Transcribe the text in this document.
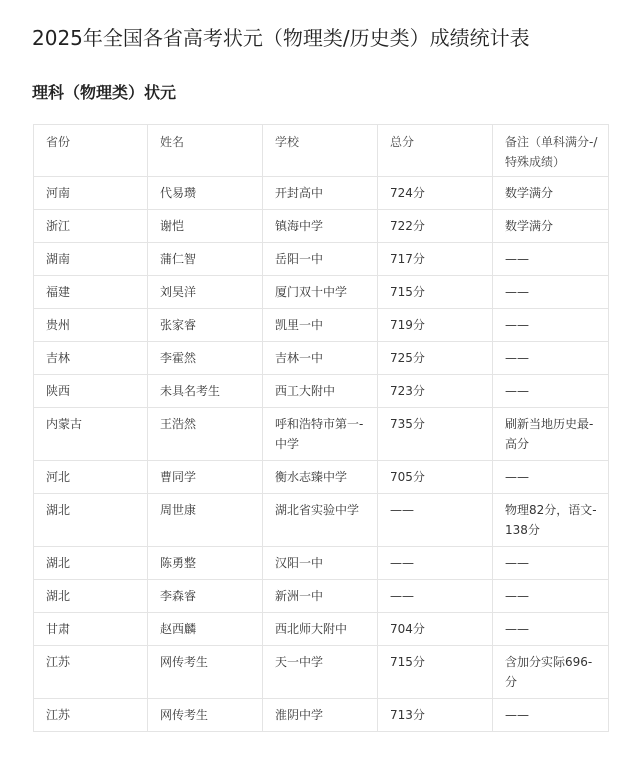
2025年全国各省高考状元（物理类/历史类）成绩统计表
理科（物理类）状元
省份	姓名	学校	总分	备注（单科满分-/特殊成绩）
河南	代易瓒	开封高中	724分	数学满分
浙江	谢恺	镇海中学	722分	数学满分
湖南	蒲仁智	岳阳一中	717分	——
福建	刘昊洋	厦门双十中学	715分	——
贵州	张家睿	凯里一中	719分	——
吉林	李霍然	吉林一中	725分	——
陕西	未具名考生	西工大附中	723分	——
内蒙古	王浩然	呼和浩特市第一-中学	735分	刷新当地历史最-高分
河北	曹同学	衡水志臻中学	705分	——
湖北	周世康	湖北省实验中学	——	物理82分，语文-138分
湖北	陈勇整	汉阳一中	——	——
湖北	李森睿	新洲一中	——	——
甘肃	赵西麟	西北师大附中	704分	——
江苏	网传考生	天一中学	715分	含加分实际696-分
江苏	网传考生	淮阴中学	713分	——
